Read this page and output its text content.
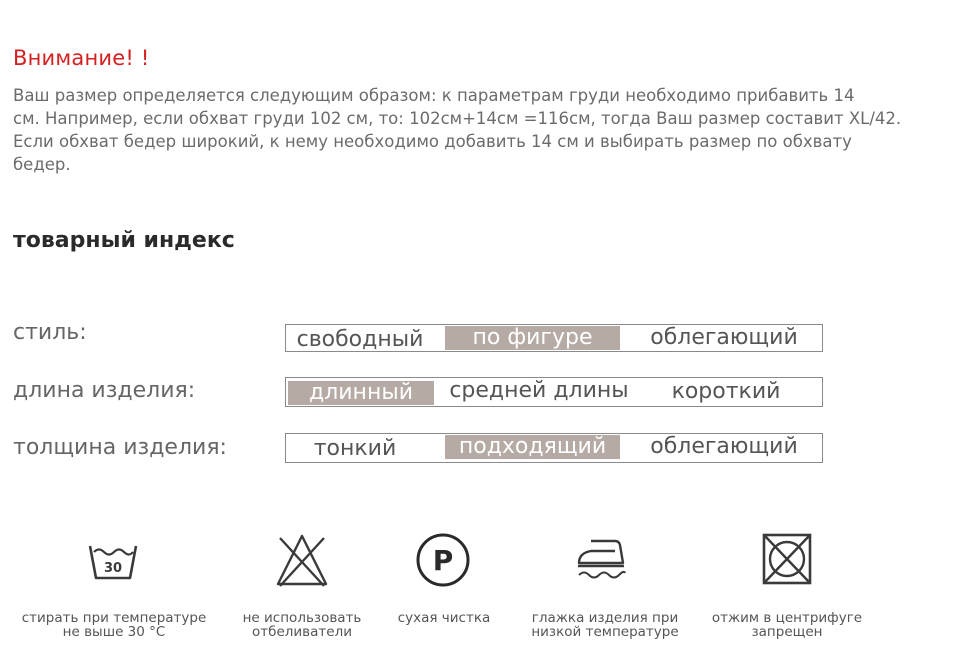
Внимание! !
Ваш размер определяется следующим образом: к параметрам груди необходимо прибавить 14
см. Например, если обхват груди 102 см, то: 102см+14см =116см, тогда Ваш размер составит XL/42.
Если обхват бедер широкий, к нему необходимо добавить 14 см и выбирать размер по обхвату
бедер.
товарный индекс
стиль:	свободный	по фигуре	облегающий
длина изделия:	длинный	средней длины	короткий
толщина изделия:	тонкий	подходящий	облегающий
30	P
стирать при температуре
не выше 30 °С
не использовать
отбеливатели
сухая чистка	глажка изделия при
низкой температуре
отжим в центрифуге
запрещен
